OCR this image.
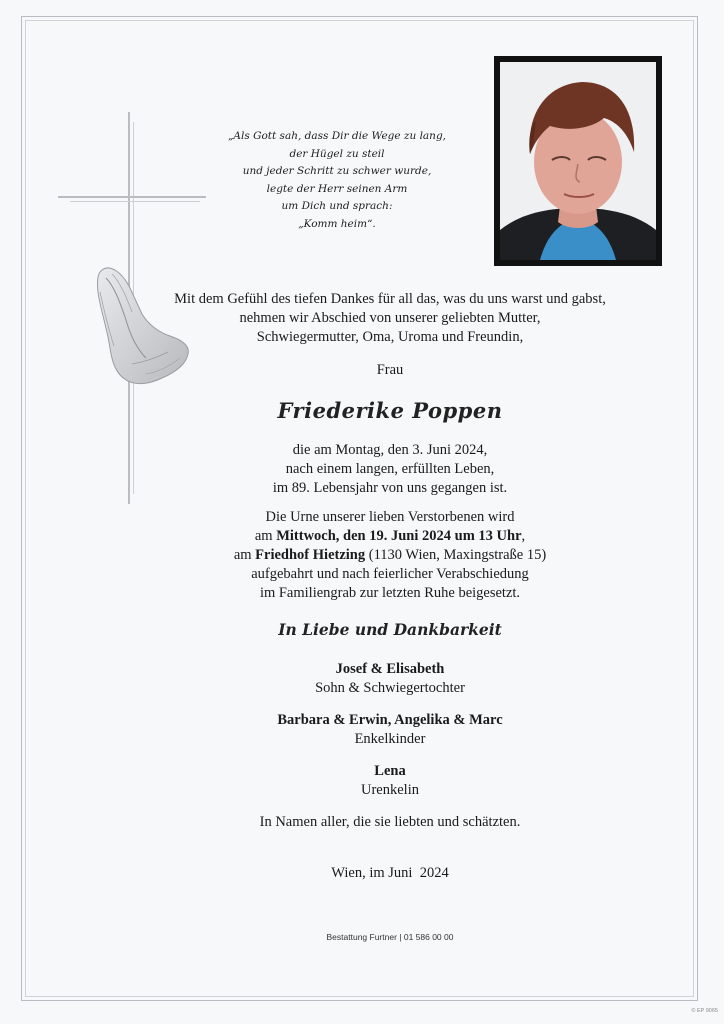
„Als Gott sah, dass Dir die Wege zu lang,
der Hügel zu steil
und jeder Schritt zu schwer wurde,
legte der Herr seinen Arm
um Dich und sprach:
„Komm heim“.
Mit dem Gefühl des tiefen Dankes für all das, was du uns warst und gabst,
nehmen wir Abschied von unserer geliebten Mutter,
Schwiegermutter, Oma, Uroma und Freundin,
Frau
Friederike Poppen
die am Montag, den 3. Juni 2024,
nach einem langen, erfüllten Leben,
im 89. Lebensjahr von uns gegangen ist.
Die Urne unserer lieben Verstorbenen wird
am Mittwoch, den 19. Juni 2024 um 13 Uhr,
am Friedhof Hietzing (1130 Wien, Maxingstraße 15)
aufgebahrt und nach feierlicher Verabschiedung
im Familiengrab zur letzten Ruhe beigesetzt.
In Liebe und Dankbarkeit
Josef & Elisabeth
Sohn & Schwiegertochter
Barbara & Erwin, Angelika & Marc
Enkelkinder
Lena
Urenkelin
In Namen aller, die sie liebten und schätzten.
Wien, im Juni  2024
Bestattung Furtner | 01 586 00 00
© EP 9065
